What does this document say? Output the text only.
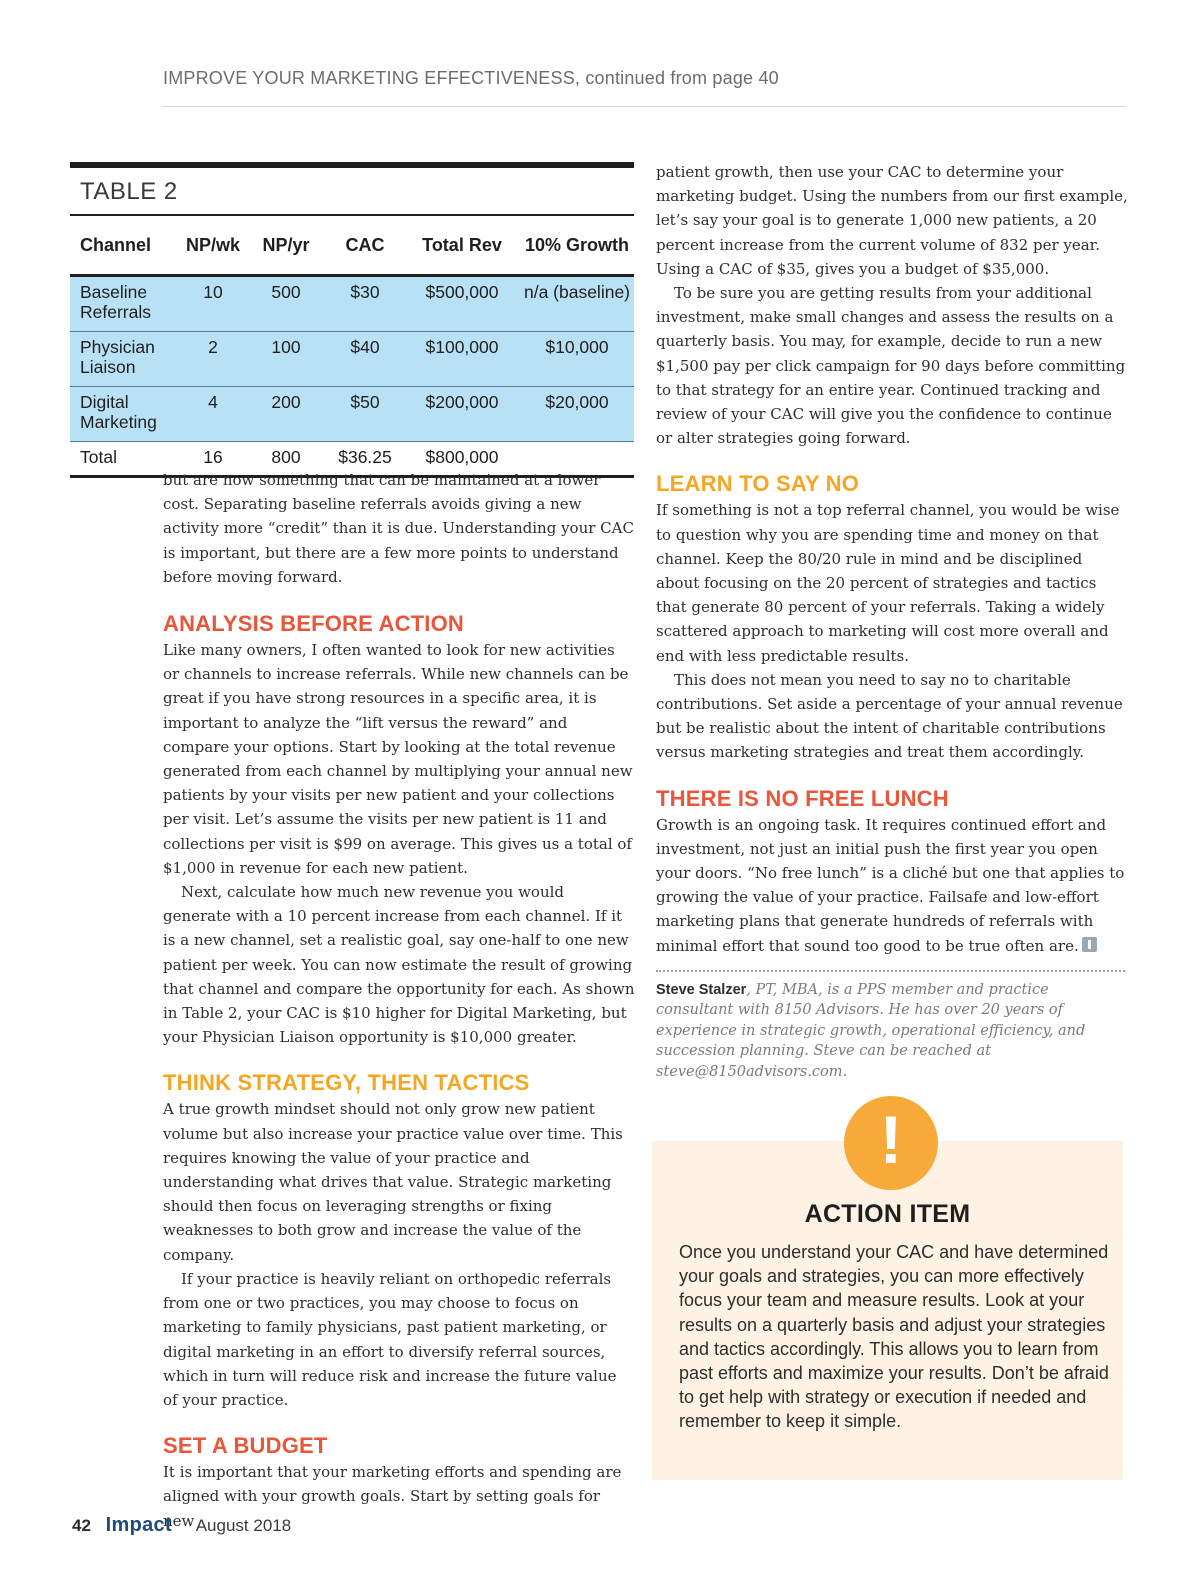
IMPROVE YOUR MARKETING EFFECTIVENESS, continued from page 40
TABLE 2
Channel	NP/wk	NP/yr	CAC	Total Rev	10% Growth
Baseline Referrals	10	500	$30	$500,000	n/a (baseline)
Physician Liaison	2	100	$40	$100,000	$10,000
Digital Marketing	4	200	$50	$200,000	$20,000
Total	16	800	$36.25	$800,000	

but are now something that can be maintained at a lower cost. Separating baseline referrals avoids giving a new activity more “credit” than it is due. Understanding your CAC is important, but there are a few more points to understand before moving forward.

ANALYSIS BEFORE ACTION

Like many owners, I often wanted to look for new activities or channels to increase referrals. While new channels can be great if you have strong resources in a specific area, it is important to analyze the “lift versus the reward” and compare your options. Start by looking at the total revenue generated from each channel by multiplying your annual new patients by your visits per new patient and your collections per visit. Let’s assume the visits per new patient is 11 and collections per visit is $99 on average. This gives us a total of $1,000 in revenue for each new patient.

Next, calculate how much new revenue you would generate with a 10 percent increase from each channel. If it is a new channel, set a realistic goal, say one-half to one new patient per week. You can now estimate the result of growing that channel and compare the opportunity for each. As shown in Table 2, your CAC is $10 higher for Digital Marketing, but your Physician Liaison opportunity is $10,000 greater.

THINK STRATEGY, THEN TACTICS

A true growth mindset should not only grow new patient volume but also increase your practice value over time. This requires knowing the value of your practice and understanding what drives that value. Strategic marketing should then focus on leveraging strengths or fixing weaknesses to both grow and increase the value of the company.

If your practice is heavily reliant on orthopedic referrals from one or two practices, you may choose to focus on marketing to family physicians, past patient marketing, or digital marketing in an effort to diversify referral sources, which in turn will reduce risk and increase the future value of your practice.

SET A BUDGET

It is important that your marketing efforts and spending are aligned with your growth goals. Start by setting goals for new

patient growth, then use your CAC to determine your marketing budget. Using the numbers from our first example, let’s say your goal is to generate 1,000 new patients, a 20 percent increase from the current volume of 832 per year. Using a CAC of $35, gives you a budget of $35,000.

To be sure you are getting results from your additional investment, make small changes and assess the results on a quarterly basis. You may, for example, decide to run a new $1,500 pay per click campaign for 90 days before committing to that strategy for an entire year. Continued tracking and review of your CAC will give you the confidence to continue or alter strategies going forward.

LEARN TO SAY NO

If something is not a top referral channel, you would be wise to question why you are spending time and money on that channel. Keep the 80/20 rule in mind and be disciplined about focusing on the 20 percent of strategies and tactics that generate 80 percent of your referrals. Taking a widely scattered approach to marketing will cost more overall and end with less predictable results.

This does not mean you need to say no to charitable contributions. Set aside a percentage of your annual revenue but be realistic about the intent of charitable contributions versus marketing strategies and treat them accordingly.

THERE IS NO FREE LUNCH

Growth is an ongoing task. It requires continued effort and investment, not just an initial push the first year you open your doors. “No free lunch” is a cliché but one that applies to growing the value of your practice. Failsafe and low-effort marketing plans that generate hundreds of referrals with minimal effort that sound too good to be true often are.

Steve Stalzer, PT, MBA, is a PPS member and practice consultant with 8150 Advisors. He has over 20 years of experience in strategic growth, operational efficiency, and succession planning. Steve can be reached at steve@8150advisors.com.
!
ACTION ITEM
Once you understand your CAC and have determined your goals and strategies, you can more effectively focus your team and measure results. Look at your results on a quarterly basis and adjust your strategies and tactics accordingly. This allows you to learn from past efforts and maximize your results. Don’t be afraid to get help with strategy or execution if needed and remember to keep it simple.
42 Impact August 2018
